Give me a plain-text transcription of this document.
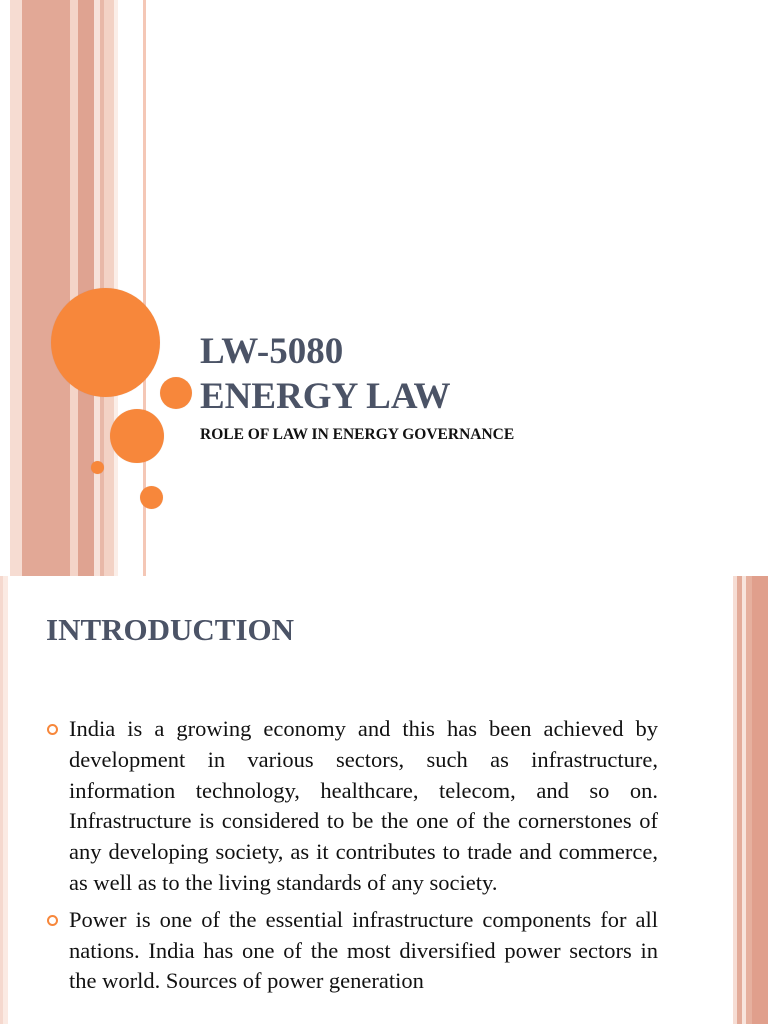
LW-5080
ENERGY LAW

ROLE OF LAW IN ENERGY GOVERNANCE

INTRODUCTION
India is a growing economy and this has been achieved by development in various sectors, such as infrastructure, information technology, healthcare, telecom, and so on. Infrastructure is considered to be the one of the cornerstones of any developing society, as it contributes to trade and commerce, as well as to the living standards of any society.
Power is one of the essential infrastructure components for all nations. India has one of the most diversified power sectors in the world. Sources of power generation
